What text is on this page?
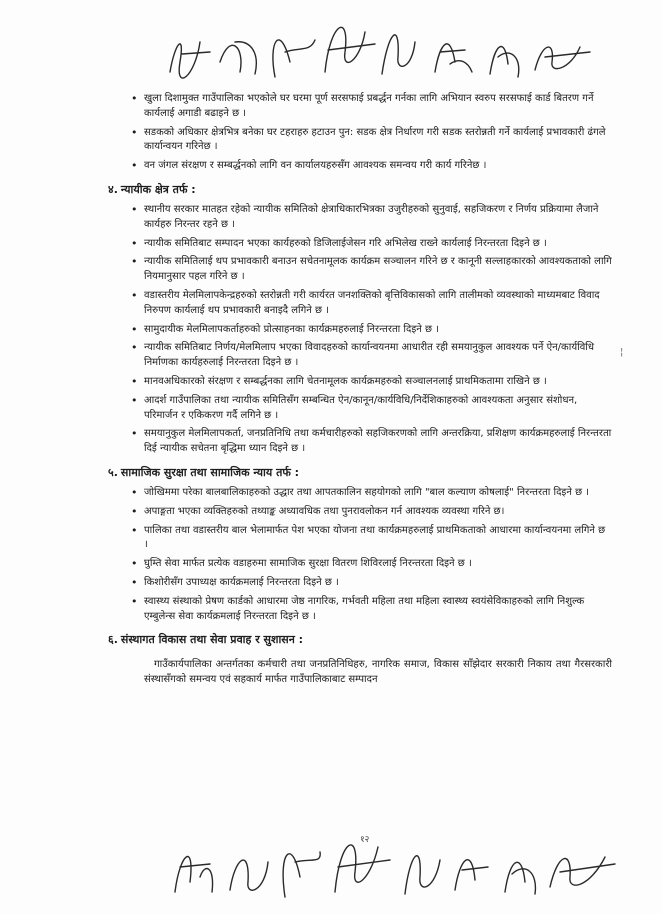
• खुला दिशामुक्त गाउँपालिका भएकोले घर घरमा पूर्ण सरसफाई प्रबर्द्धन गर्नका लागि अभियान स्वरुप सरसफाई कार्ड बितरण गर्ने कार्यलाई अगाडी बढाइने छ ।
• सडकको अधिकार क्षेत्रभित्र बनेका घर टहराहरु हटाउन पुन: सडक क्षेत्र निर्धारण गरी सडक स्तरोन्नती गर्ने कार्यलाई प्रभावकारी ढंगले कार्यान्वयन गरिनेछ ।
• वन जंगल संरक्षण र सम्बर्द्धनको लागि वन कार्यालयहरुसँग आवश्यक समन्वय गरी कार्य गरिनेछ ।
४. न्यायीक क्षेत्र तर्फ :
• स्थानीय सरकार मातहत रहेको न्यायीक समितिको क्षेत्राधिकारभित्रका उजुरीहरुको सुनुवाई, सहजिकरण र निर्णय प्रक्रियामा लैजाने कार्यहरु निरन्तर रहने छ ।
• न्यायीक समितिबाट सम्पादन भएका कार्यहरुको डिजिलाईजेसन गरि अभिलेख राख्ने कार्यलाई निरन्तरता दिइने छ ।
• न्यायीक समितिलाई थप प्रभावकारी बनाउन सचेतनामूलक कार्यक्रम सञ्चालन गरिने छ र कानूनी सल्लाहकारको आवश्यकताको लागि नियमानुसार पहल गरिने छ ।
• वडास्तरीय मेलमिलापकेन्द्रहरुको स्तरोन्नती गरी कार्यरत जनशक्तिको बृत्तिविकासको लागि तालीमको व्यवस्थाको माध्यमबाट विवाद निरुपण कार्यलाई थप प्रभावकारी बनाइदै लगिने छ ।
• सामुदायीक मेलमिलापकर्ताहरुको प्रोत्साहनका कार्यक्रमहरुलाई निरन्तरता दिइने छ ।
• न्यायीक समितिबाट निर्णय/मेलमिलाप भएका विवादहरुको कार्यान्वयनमा आधारीत रही समयानुकुल आवश्यक पर्ने ऐन/कार्यविधि निर्माणका कार्यहरुलाई निरन्तरता दिइने छ ।
• मानवअधिकारको संरक्षण र सम्बर्द्धनका लागि चेतनामूलक कार्यक्रमहरुको सञ्चालनलाई प्राथमिकतामा राखिने छ ।
• आदर्श गाउँपालिका तथा न्यायीक समितिसँग सम्बन्धित ऐन/कानून/कार्यविधि/निर्देशिकाहरुको आवश्यकता अनुसार संशोधन, परिमार्जन र एकिकरण गर्दै लगिने छ ।
• समयानुकुल मेलमिलापकर्ता, जनप्रतिनिधि तथा कर्मचारीहरुको सहजिकरणको लागि अन्तरक्रिया, प्रशिक्षण कार्यक्रमहरुलाई निरन्तरता दिई न्यायीक सचेतना बृद्धिमा ध्यान दिइने छ ।
५. सामाजिक सुरक्षा तथा सामाजिक न्याय तर्फ :
• जोखिममा परेका बालबालिकाहरुको उद्धार तथा आपतकालिन सहयोगको लागि "बाल कल्याण कोषलाई" निरन्तरता दिइने छ ।
• अपाङ्गता भएका व्यक्तिहरुको तथ्याङ्क अध्यावधिक तथा पुनरावलोकन गर्न आवश्यक व्यवस्था गरिने छ।
• पालिका तथा वडास्तरीय बाल भेलामार्फत पेश भएका योजना तथा कार्यक्रमहरुलाई प्राथमिकताको आधारमा कार्यान्वयनमा लगिने छ ।
• घुम्ति सेवा मार्फत प्रत्येक वडाहरुमा सामाजिक सुरक्षा वितरण शिविरलाई निरन्तरता दिइने छ ।
• किशोरीसँग उपाध्यक्ष कार्यक्रमलाई निरन्तरता दिइने छ ।
• स्वास्थ्य संस्थाको प्रेषण कार्डको आधारमा जेष्ठ नागरिक, गर्भवती महिला तथा महिला स्वास्थ्य स्वयंसेविकाहरुको लागि निशुल्क एम्बुलेन्स सेवा कार्यक्रमलाई निरन्तरता दिइने छ ।
६. संस्थागत विकास तथा सेवा प्रवाह र सुशासन :

गाउँकार्यपालिका अन्तर्गतका कर्मचारी तथा जनप्रतिनिधिहरु, नागरिक समाज, विकास साँझेदार सरकारी निकाय तथा गैरसरकारी संस्थासँगको समन्वय एवं सहकार्य मार्फत गाउँपालिकाबाट सम्पादन

¦
१२
